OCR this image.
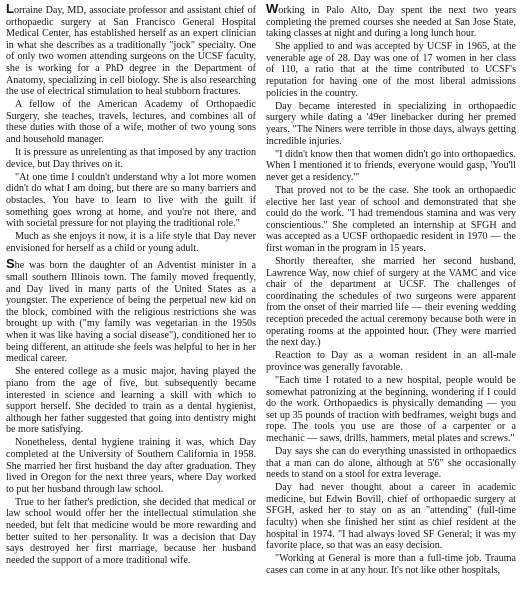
Lorraine Day, MD, associate professor and assistant chief of orthopaedic surgery at San Francisco General Hospital Medical Center, has established herself as an expert clinician in what she describes as a traditionally "jock" specialty. One of only two women attending surgeons on the UCSF faculty, she is working for a PhD degree in the Department of Anatomy, specializing in cell biology. She is also researching the use of electrical stimulation to heal stubborn fractures.

A fellow of the American Academy of Orthopaedic Surgery, she teaches, travels, lectures, and combines all of these duties with those of a wife, mother of two young sons and household manager.

It is pressure as unrelenting as that imposed by any traction device, but Day thrives on it.

"At one time I couldn't understand why a lot more women didn't do what I am doing, but there are so many barriers and obstacles. You have to learn to live with the guilt if something goes wrong at home, and you're not there, and with societal pressure for not playing the traditional role."

Much as she enjoys it now, it is a life style that Day never envisioned for herself as a child or young adult.

She was born the daughter of an Adventist minister in a small southern Illinois town. The family moved frequently, and Day lived in many parts of the United States as a youngster. The experience of being the perpetual new kid on the block, combined with the religious restrictions she was brought up with ("my family was vegetarian in the 1950s when it was like having a social disease"), conditioned her to being different, an attitude she feels was helpful to her in her medical career.

She entered college as a music major, having played the piano from the age of five, but subsequently became interested in science and learning a skill with which to support herself. She decided to train as a dental hygienist, although her father suggested that going into dentistry might be more satisfying.

Nonetheless, dental hygiene training it was, which Day completed at the University of Southern California in 1958. She married her first husband the day after graduation. They lived in Oregon for the next three years, where Day worked to put her husband through law school.

True to her father's prediction, she decided that medical or law school would offer her the intellectual stimulation she needed, but felt that medicine would be more rewarding and better suited to her personality. It was a decision that Day says destroyed her first marriage, because her husband needed the support of a more traditional wife.

Working in Palo Alto, Day spent the next two years completing the premed courses she needed at San Jose State, taking classes at night and during a long lunch hour.

She applied to and was accepted by UCSF in 1965, at the venerable age of 28. Day was one of 17 women in her class of 110, a ratio that at the time contributed to UCSF's reputation for having one of the most liberal admissions policies in the country.

Day became interested in specializing in orthopaedic surgery while dating a '49er linebacker during her premed years. "The Niners were terrible in those days, always getting incredible injuries.

"I didn't know then that women didn't go into orthopaedics. When I mentioned it to friends, everyone would gasp, 'You'll never get a residency.'"

That proved not to be the case. She took an orthopaedic elective her last year of school and demonstrated that she could do the work. "I had tremendous stamina and was very conscientious." She completed an internship at SFGH and was accepted as a UCSF orthopaedic resident in 1970 — the first woman in the program in 15 years.

Shortly thereafter, she married her second husband, Lawrence Way, now chief of surgery at the VAMC and vice chair of the department at UCSF. The challenges of coordinating the schedules of two surgeons were apparent from the onset of their married life — their evening wedding reception preceded the actual ceremony because both were in operating rooms at the appointed hour. (They were married the next day.)

Reaction to Day as a woman resident in an all-male province was generally favorable.

"Each time I rotated to a new hospital, people would be somewhat patronizing at the beginning, wondering if I could do the work. Orthopaedics is physically demanding — you set up 35 pounds of traction with bedframes, weight bugs and rope. The tools you use are those of a carpenter or a mechanic — saws, drills, hammers, metal plates and screws."

Day says she can do everything unassisted in orthopaedics that a man can do alone, although at 5'6" she occasionally needs to stand on a stool for extra leverage.

Day had never thought about a career in academic medicine, but Edwin Bovill, chief of orthopaedic surgery at SFGH, asked her to stay on as an "attending" (full-time faculty) when she finished her stint as chief resident at the hospital in 1974. "I had always loved SF General; it was my favorite place, so that was an easy decision.

"Working at General is more than a full-time job. Trauma cases can come in at any hour. It's not like other hospitals,
